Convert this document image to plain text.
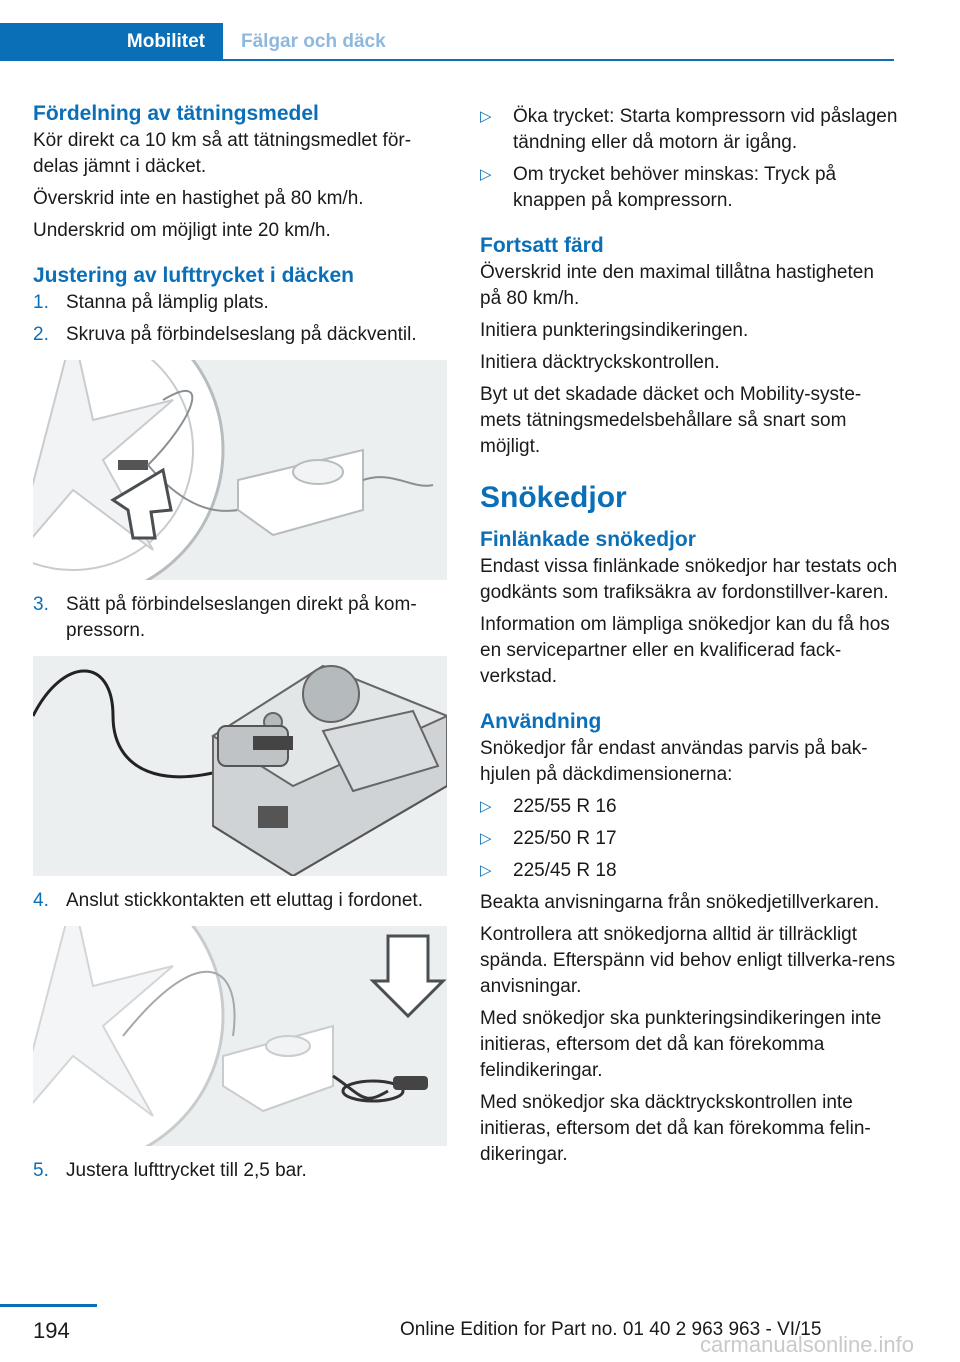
Mobilitet	Fälgar och däck
Fördelning av tätningsmedel

Kör direkt ca 10 km så att tätningsmedlet för-delas jämnt i däcket.

Överskrid inte en hastighet på 80 km/h.

Underskrid om möjligt inte 20 km/h.

Justering av lufttrycket i däcken
1. Stanna på lämplig plats.
2. Skruva på förbindelseslang på däckventil.
3. Sätt på förbindelseslangen direkt på kom-pressorn.
4. Anslut stickkontakten ett eluttag i fordonet.
5. Justera lufttrycket till 2,5 bar.
▷	Öka trycket: Starta kompressorn vid påslagen tändning eller då motorn är igång.
▷	Om trycket behöver minskas: Tryck på knappen på kompressorn.
Fortsatt färd

Överskrid inte den maximal tillåtna hastigheten på 80 km/h.

Initiera punkteringsindikeringen.

Initiera däcktryckskontrollen.

Byt ut det skadade däcket och Mobility-syste-mets tätningsmedelsbehållare så snart som möjligt.

Snökedjor
Finlänkade snökedjor

Endast vissa finlänkade snökedjor har testats och godkänts som trafiksäkra av fordonstillver-karen.

Information om lämpliga snökedjor kan du få hos en servicepartner eller en kvalificerad fack-verkstad.

Användning

Snökedjor får endast användas parvis på bak-hjulen på däckdimensionerna:

▷	225/55 R 16
▷	225/50 R 17
▷	225/45 R 18

Beakta anvisningarna från snökedjetillverkaren.

Kontrollera att snökedjorna alltid är tillräckligt spända. Efterspänn vid behov enligt tillverka-rens anvisningar.

Med snökedjor ska punkteringsindikeringen inte initieras, eftersom det då kan förekomma felindikeringar.

Med snökedjor ska däcktryckskontrollen inte initieras, eftersom det då kan förekomma felin-dikeringar.

194	Online Edition for Part no. 01 40 2 963 963 - VI/15
carmanualsonline.info
